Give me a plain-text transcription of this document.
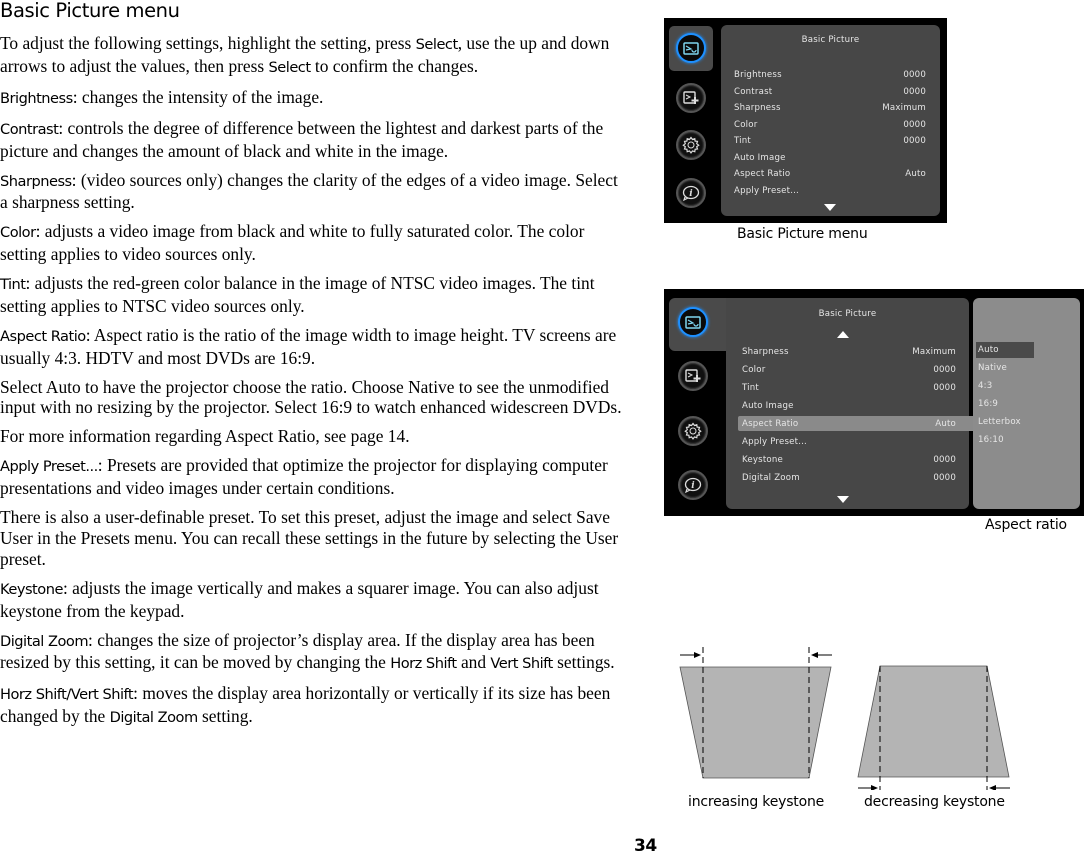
Basic Picture menu

To adjust the following settings, highlight the setting, press Select, use the up and down arrows to adjust the values, then press Select to confirm the changes.

Brightness: changes the intensity of the image.

Contrast: controls the degree of difference between the lightest and darkest parts of the picture and changes the amount of black and white in the image.

Sharpness: (video sources only) changes the clarity of the edges of a video image. Select a sharpness setting.

Color: adjusts a video image from black and white to fully saturated color. The color setting applies to video sources only.

Tint: adjusts the red-green color balance in the image of NTSC video images. The tint setting applies to NTSC video sources only.

Aspect Ratio: Aspect ratio is the ratio of the image width to image height. TV screens are usually 4:3. HDTV and most DVDs are 16:9.

Select Auto to have the projector choose the ratio. Choose Native to see the unmodified input with no resizing by the projector. Select 16:9 to watch enhanced widescreen DVDs.

For more information regarding Aspect Ratio, see page 14.

Apply Preset...: Presets are provided that optimize the projector for displaying computer presentations and video images under certain conditions.

There is also a user-definable preset. To set this preset, adjust the image and select Save User in the Presets menu. You can recall these settings in the future by selecting the User preset.

Keystone: adjusts the image vertically and makes a squarer image. You can also adjust keystone from the keypad.

Digital Zoom: changes the size of projector’s display area. If the display area has been resized by this setting, it can be moved by changing the Horz Shift and Vert Shift settings.

Horz Shift/Vert Shift: moves the display area horizontally or vertically if its size has been changed by the Digital Zoom setting.

i
Basic Picture
Brightness	0000
Contrast	0000
Sharpness	Maximum
Color	0000
Tint	0000
Auto Image
Aspect Ratio	Auto
Apply Preset...
Basic Picture menu
i
Basic Picture
Sharpness	Maximum
Color	0000
Tint	0000
Auto Image
Aspect Ratio	Auto
Apply Preset...
Keystone	0000
Digital Zoom	0000
Auto
Native
4:3
16:9
Letterbox
16:10
Aspect ratio
increasing keystone	decreasing keystone
34
